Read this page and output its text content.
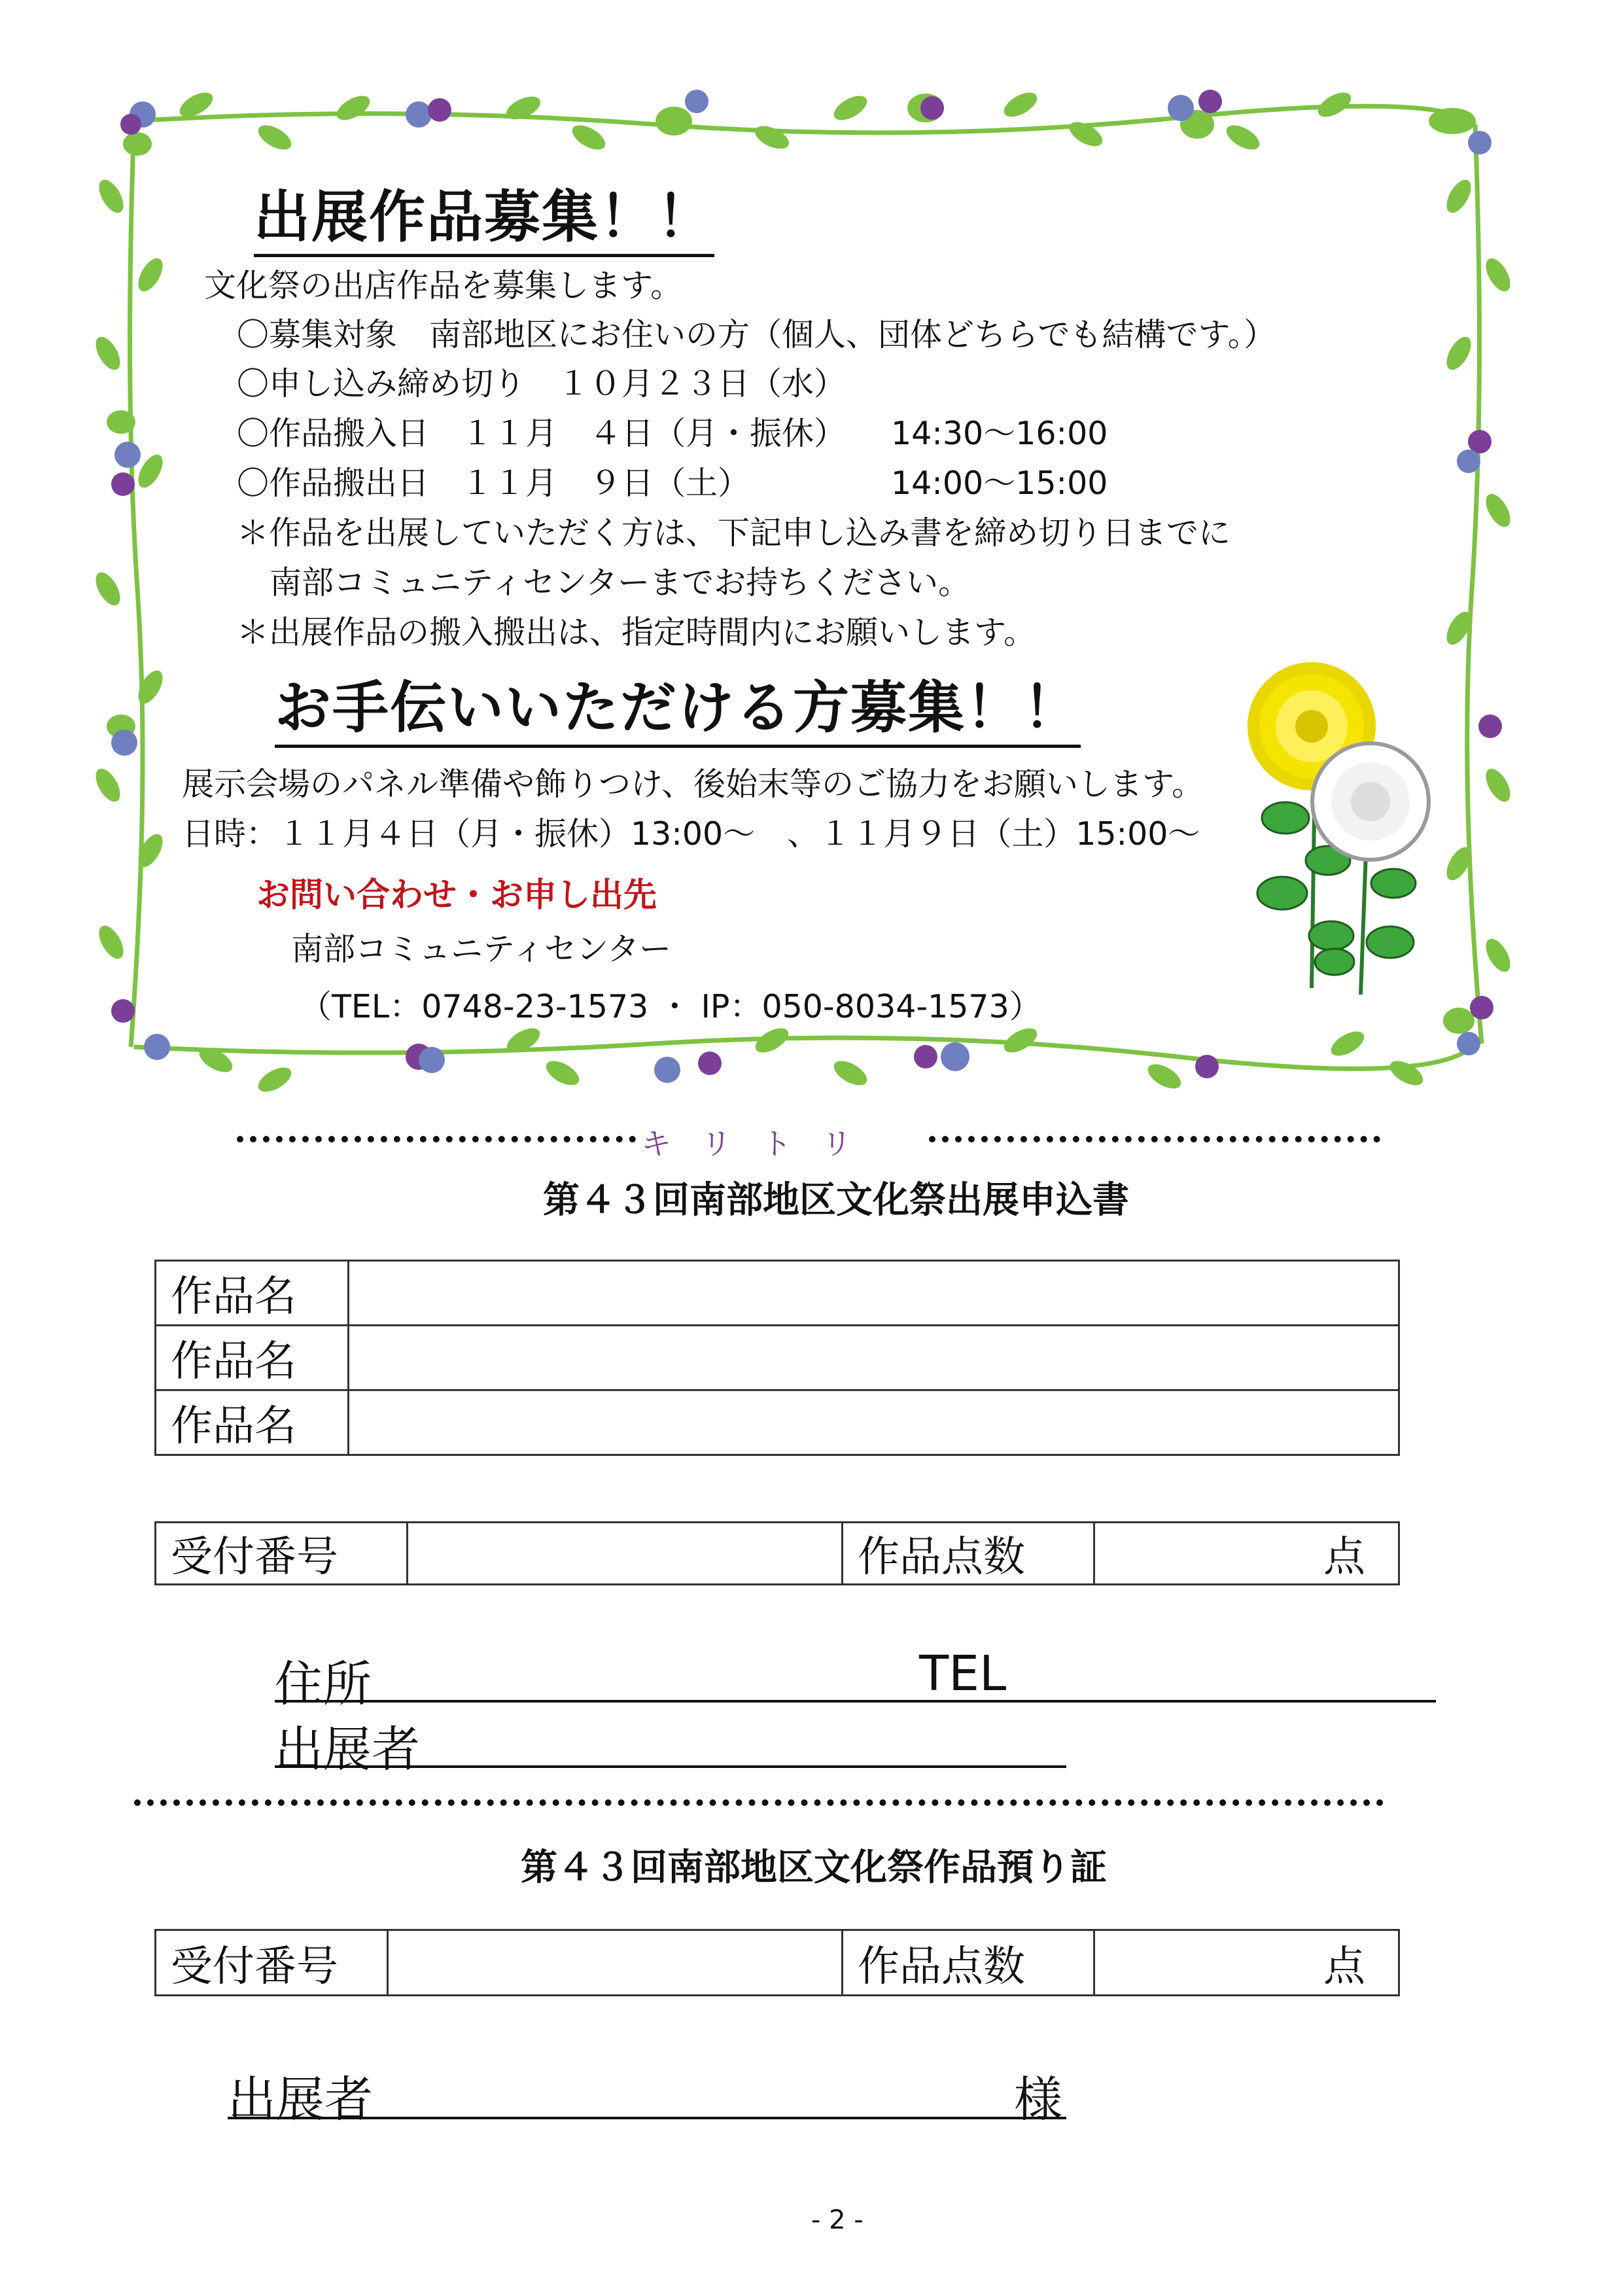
出展作品募集！！
文化祭の出店作品を募集します。
〇募集対象　南部地区にお住いの方（個人、団体どちらでも結構です。）
〇申し込み締め切り　１０月２３日（水）
〇作品搬入日　１１月　４日（月・振休） 14:30～16:00
〇作品搬出日　１１月　９日（土）	14:00～15:00
＊作品を出展していただく方は、下記申し込み書を締め切り日までに
南部コミュニティセンターまでお持ちください。
＊出展作品の搬入搬出は、指定時間内にお願いします。
お手伝いいただける方募集！！
展示会場のパネル準備や飾りつけ、後始末等のご協力をお願いします。
日時：１１月４日（月・振休）13:00～　、１１月９日（土）15:00～
お問い合わせ・お申し出先
南部コミュニティセンター
（TEL：0748-23-1573 ・ IP：050-8034-1573）
キ　リ　ト　リ
第４３回南部地区文化祭出展申込書
作品名	
作品名	
作品名	
受付番号		作品点数	点
住所	TEL
出展者
第４３回南部地区文化祭作品預り証
受付番号		作品点数	点
出展者	様
- 2 -
